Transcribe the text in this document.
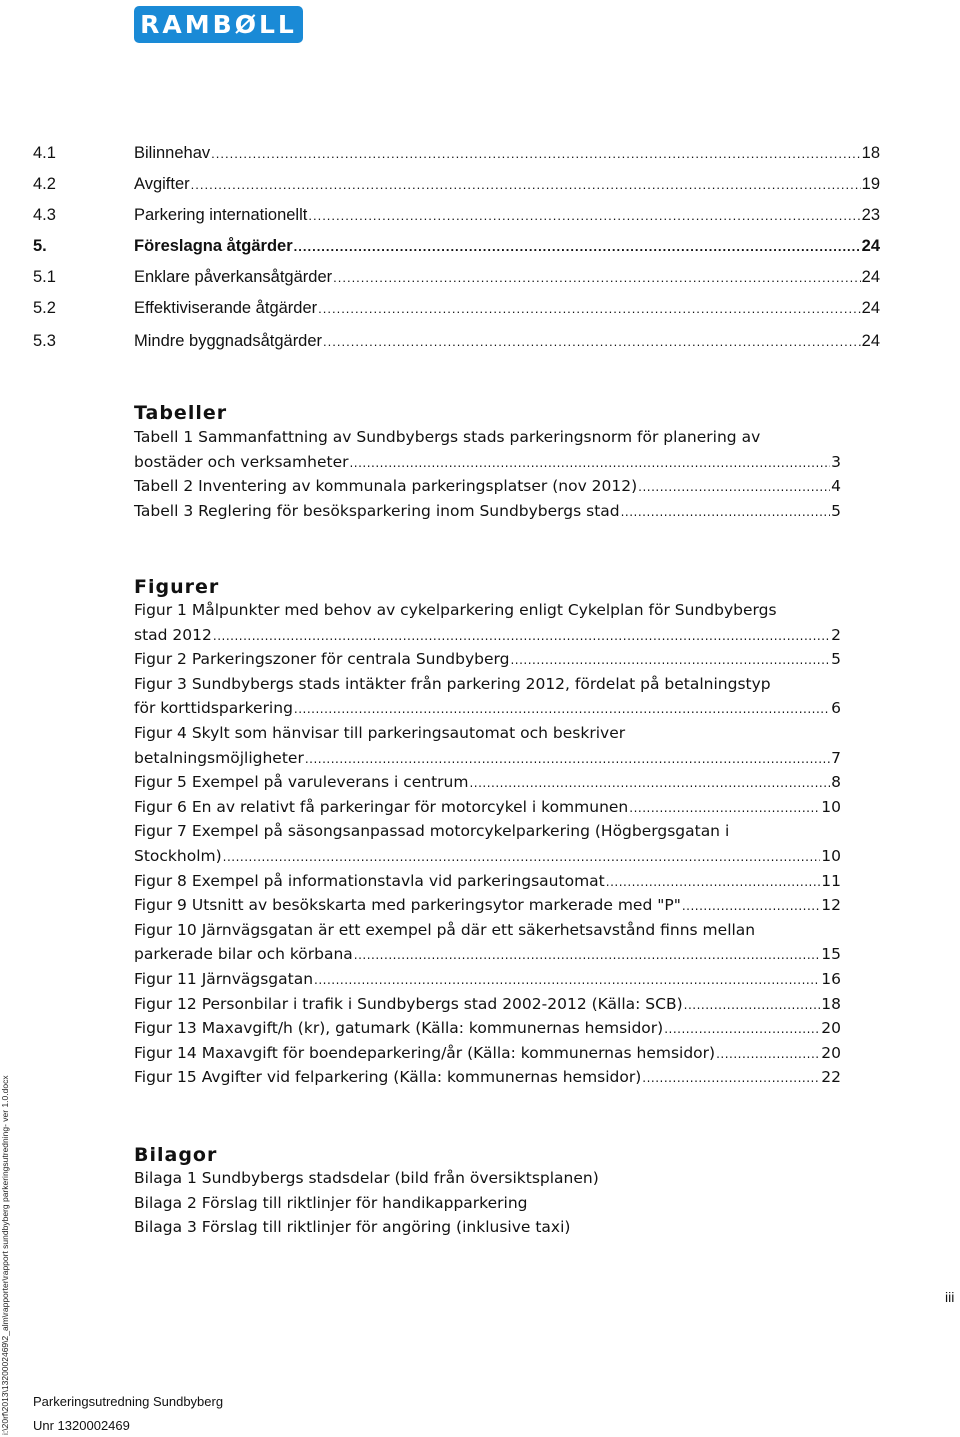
RAMBØLL
4.1	Bilinnehav .....	18
4.2	Avgifter .....	19
4.3	Parkering internationellt .....	23
5.	Föreslagna åtgärder .....	24
5.1	Enklare påverkansåtgärder .....	24
5.2	Effektiviserande åtgärder .....	24
5.3	Mindre byggnadsåtgärder .....	24
Tabeller
Tabell 1 Sammanfattning av Sundbybergs stads parkeringsnorm för planering av
bostäder och verksamheter .....	3
Tabell 2 Inventering av kommunala parkeringsplatser (nov 2012) .....	4
Tabell 3 Reglering för besöksparkering inom Sundbybergs stad .....	5
Figurer
Figur 1 Målpunkter med behov av cykelparkering enligt Cykelplan för Sundbybergs
stad 2012 .....	2
Figur 2 Parkeringszoner för centrala Sundbyberg .....	5
Figur 3 Sundbybergs stads intäkter från parkering 2012, fördelat på betalningstyp
för korttidsparkering .....	6
Figur 4 Skylt som hänvisar till parkeringsautomat och beskriver
betalningsmöjligheter .....	7
Figur 5 Exempel på varuleverans i centrum .....	8
Figur 6 En av relativt få parkeringar för motorcykel i kommunen .....	10
Figur 7 Exempel på säsongsanpassad motorcykelparkering (Högbergsgatan i
Stockholm) .....	10
Figur 8 Exempel på informationstavla vid parkeringsautomat .....	11
Figur 9 Utsnitt av besökskarta med parkeringsytor markerade med "P" .....	12
Figur 10 Järnvägsgatan är ett exempel på där ett säkerhetsavstånd finns mellan
parkerade bilar och körbana .....	15
Figur 11 Järnvägsgatan .....	16
Figur 12 Personbilar i trafik i Sundbybergs stad 2002-2012 (Källa: SCB) .....	18
Figur 13 Maxavgift/h (kr), gatumark (Källa: kommunernas hemsidor) .....	20
Figur 14 Maxavgift för boendeparkering/år (Källa: kommunernas hemsidor) .....	20
Figur 15 Avgifter vid felparkering (Källa: kommunernas hemsidor) .....	22
Bilagor
Bilaga 1 Sundbybergs stadsdelar (bild från översiktsplanen)
Bilaga 2 Förslag till riktlinjer för handikapparkering
Bilaga 3 Förslag till riktlinjer för angöring (inklusive taxi)
i:\20rf\2013\1320002469\2_alm\rapporter\rapport sundbyberg parkeringsutredning- ver 1.0.docx	iii
Parkeringsutredning Sundbyberg
Unr 1320002469
